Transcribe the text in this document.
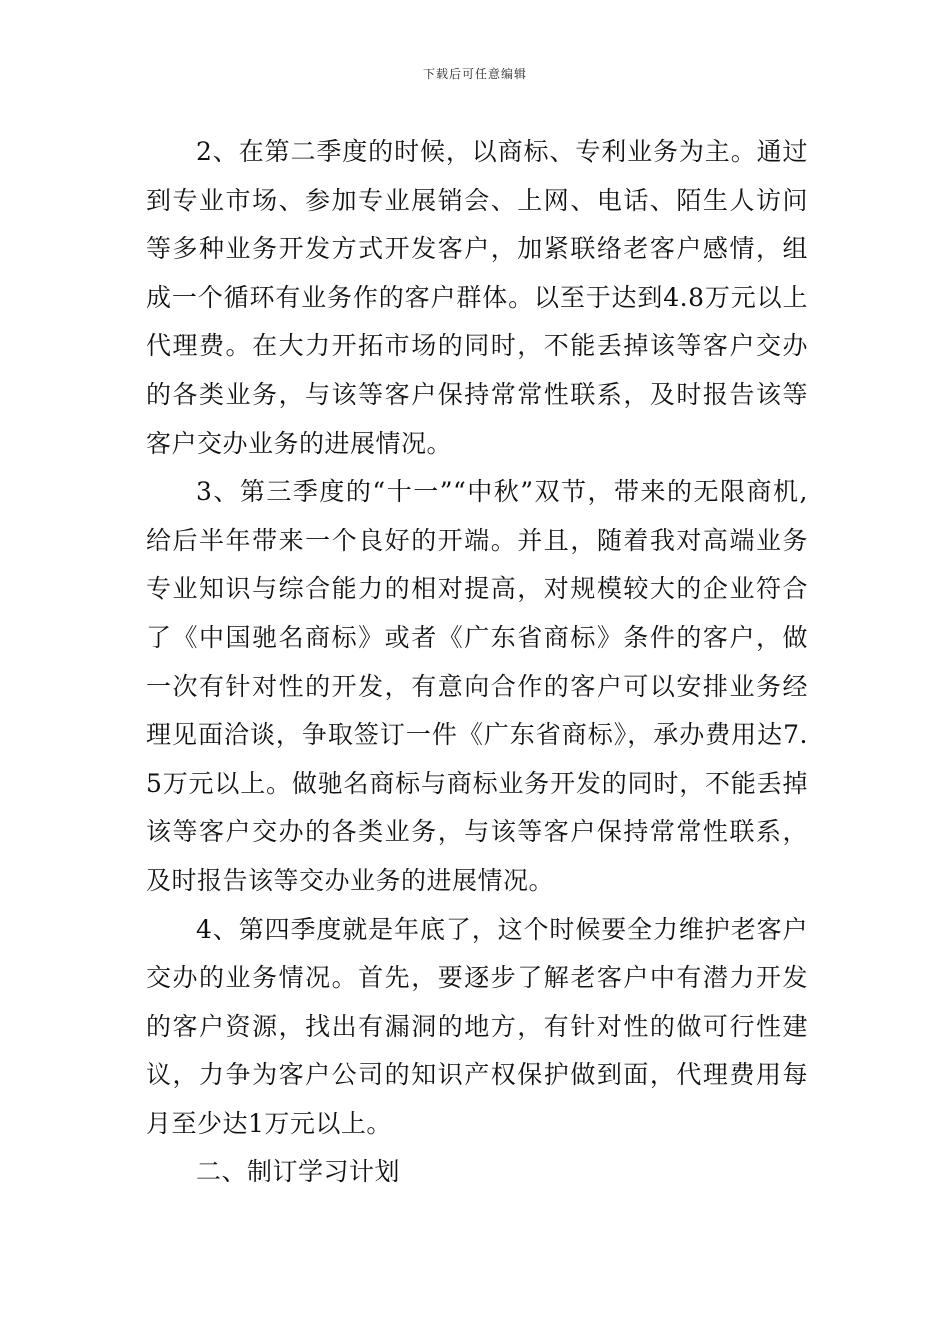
下载后可任意编辑

2、在第二季度的时候，以商标、专利业务为主。通过到专业市场、参加专业展销会、上网、电话、陌生人访问等多种业务开发方式开发客户，加紧联络老客户感情，组成一个循环有业务作的客户群体。以至于达到4.8万元以上代理费。在大力开拓市场的同时，不能丢掉该等客户交办的各类业务，与该等客户保持常常性联系，及时报告该等客户交办业务的进展情况。

3、第三季度的“十一”“中秋”双节，带来的无限商机,给后半年带来一个良好的开端。并且，随着我对高端业务专业知识与综合能力的相对提高，对规模较大的企业符合了《中国驰名商标》或者《广东省商标》条件的客户，做一次有针对性的开发，有意向合作的客户可以安排业务经理见面洽谈，争取签订一件《广东省商标》，承办费用达7.5万元以上。做驰名商标与商标业务开发的同时，不能丢掉该等客户交办的各类业务，与该等客户保持常常性联系，及时报告该等交办业务的进展情况。

4、第四季度就是年底了，这个时候要全力维护老客户交办的业务情况。首先，要逐步了解老客户中有潜力开发的客户资源，找出有漏洞的地方，有针对性的做可行性建议，力争为客户公司的知识产权保护做到面，代理费用每月至少达1万元以上。

二、制订学习计划
